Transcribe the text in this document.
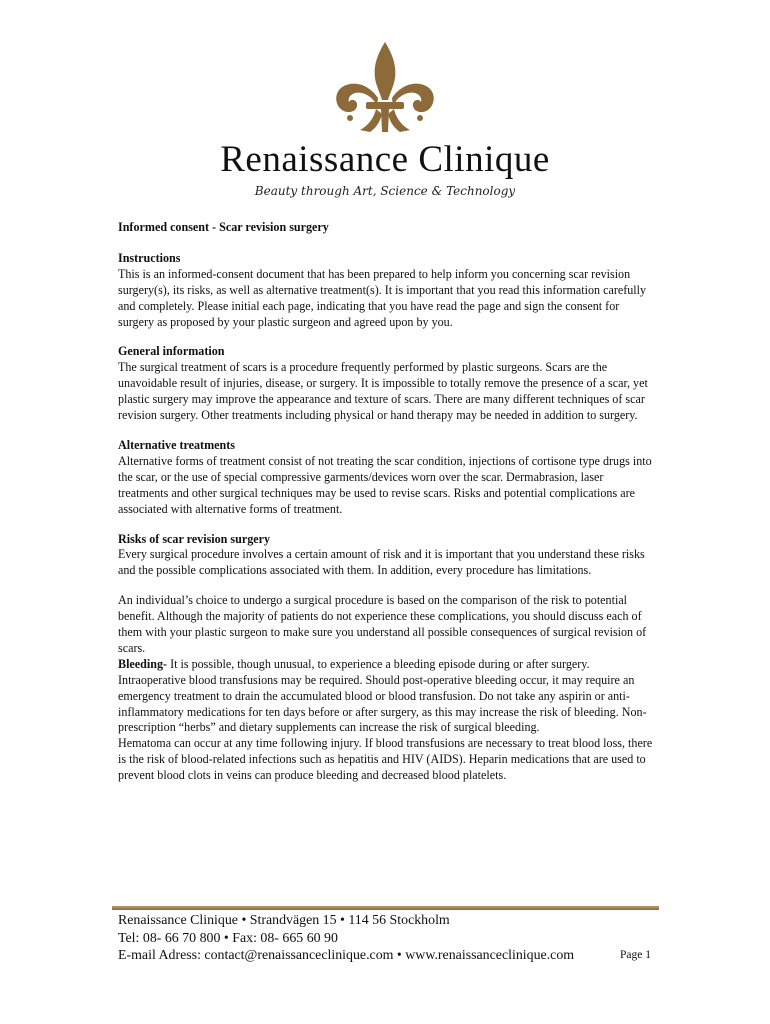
Renaissance Clinique
Beauty through Art, Science & Technology

Informed consent - Scar revision surgery

Instructions

This is an informed-consent document that has been prepared to help inform you concerning scar revision surgery(s), its risks, as well as alternative treatment(s). It is important that you read this information carefully and completely. Please initial each page, indicating that you have read the page and sign the consent for surgery as proposed by your plastic surgeon and agreed upon by you.

General information

The surgical treatment of scars is a procedure frequently performed by plastic surgeons. Scars are the unavoidable result of injuries, disease, or surgery. It is impossible to totally remove the presence of a scar, yet plastic surgery may improve the appearance and texture of scars. There are many different techniques of scar revision surgery. Other treatments including physical or hand therapy may be needed in addition to surgery.

Alternative treatments

Alternative forms of treatment consist of not treating the scar condition, injections of cortisone type drugs into the scar, or the use of special compressive garments/devices worn over the scar. Dermabrasion, laser treatments and other surgical techniques may be used to revise scars. Risks and potential complications are associated with alternative forms of treatment.

Risks of scar revision surgery

Every surgical procedure involves a certain amount of risk and it is important that you understand these risks and the possible complications associated with them. In addition, every procedure has limitations.

An individual’s choice to undergo a surgical procedure is based on the comparison of the risk to potential benefit. Although the majority of patients do not experience these complications, you should discuss each of them with your plastic surgeon to make sure you understand all possible consequences of surgical revision of scars.

Bleeding- It is possible, though unusual, to experience a bleeding episode during or after surgery. Intraoperative blood transfusions may be required. Should post-operative bleeding occur, it may require an emergency treatment to drain the accumulated blood or blood transfusion. Do not take any aspirin or anti-inflammatory medications for ten days before or after surgery, as this may increase the risk of bleeding. Non-prescription “herbs” and dietary supplements can increase the risk of surgical bleeding.

Hematoma can occur at any time following injury. If blood transfusions are necessary to treat blood loss, there is the risk of blood-related infections such as hepatitis and HIV (AIDS). Heparin medications that are used to prevent blood clots in veins can produce bleeding and decreased blood platelets.

Renaissance Clinique • Strandvägen 15 • 114 56 Stockholm
Tel: 08- 66 70 800 • Fax: 08- 665 60 90
E-mail Adress: contact@renaissanceclinique.com • www.renaissanceclinique.com	Page 1
